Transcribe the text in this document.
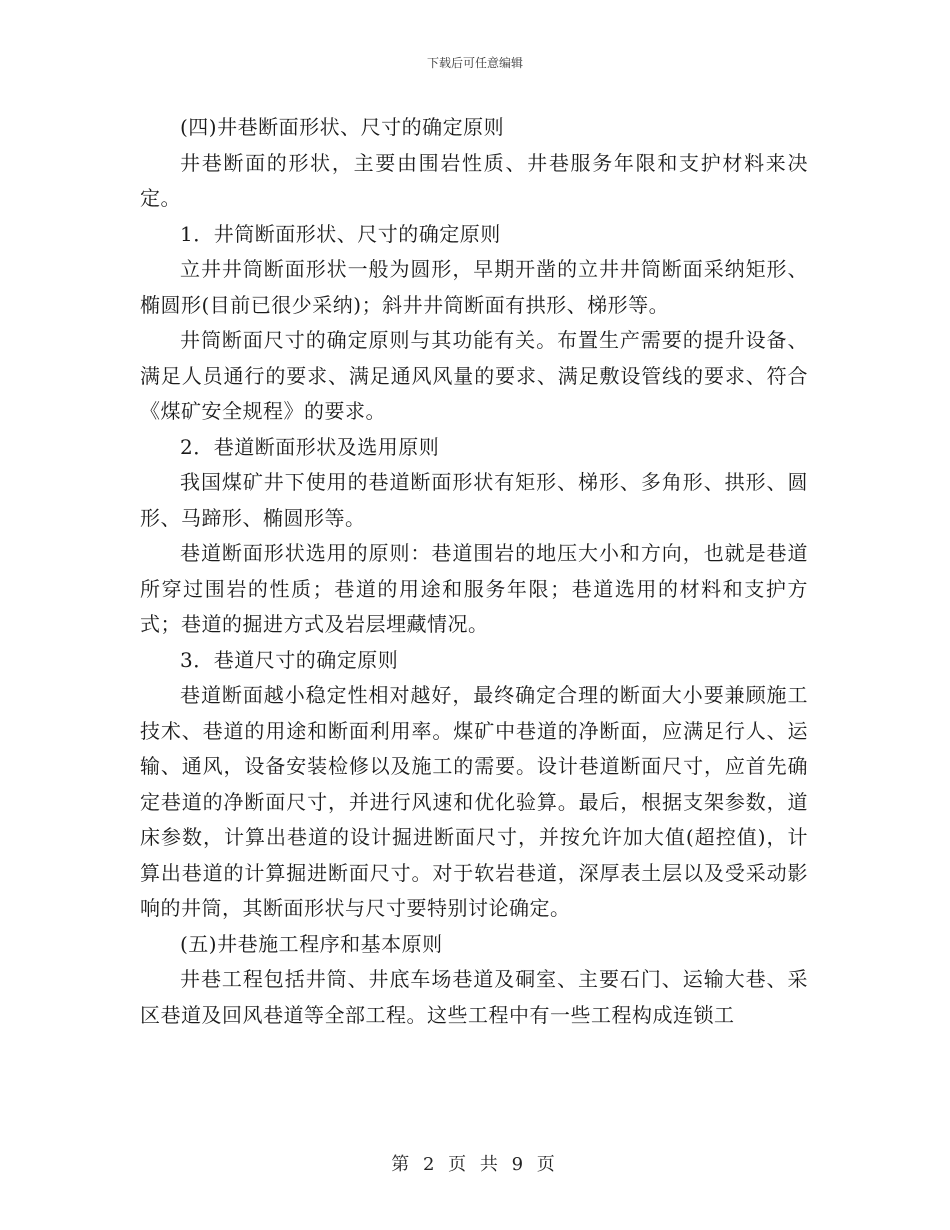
下载后可任意编辑

(四)井巷断面形状、尺寸的确定原则

井巷断面的形状，主要由围岩性质、井巷服务年限和支护材料来决定。

1．井筒断面形状、尺寸的确定原则

立井井筒断面形状一般为圆形，早期开凿的立井井筒断面采纳矩形、椭圆形(目前已很少采纳)；斜井井筒断面有拱形、梯形等。

井筒断面尺寸的确定原则与其功能有关。布置生产需要的提升设备、满足人员通行的要求、满足通风风量的要求、满足敷设管线的要求、符合《煤矿安全规程》的要求。

2．巷道断面形状及选用原则

我国煤矿井下使用的巷道断面形状有矩形、梯形、多角形、拱形、圆形、马蹄形、椭圆形等。

巷道断面形状选用的原则：巷道围岩的地压大小和方向，也就是巷道所穿过围岩的性质；巷道的用途和服务年限；巷道选用的材料和支护方式；巷道的掘进方式及岩层埋藏情况。

3．巷道尺寸的确定原则

巷道断面越小稳定性相对越好，最终确定合理的断面大小要兼顾施工技术、巷道的用途和断面利用率。煤矿中巷道的净断面，应满足行人、运输、通风，设备安装检修以及施工的需要。设计巷道断面尺寸，应首先确定巷道的净断面尺寸，并进行风速和优化验算。最后，根据支架参数，道床参数，计算出巷道的设计掘进断面尺寸，并按允许加大值(超控值)，计算出巷道的计算掘进断面尺寸。对于软岩巷道，深厚表土层以及受采动影响的井筒，其断面形状与尺寸要特别讨论确定。

(五)井巷施工程序和基本原则

井巷工程包括井筒、井底车场巷道及硐室、主要石门、运输大巷、采区巷道及回风巷道等全部工程。这些工程中有一些工程构成连锁工

第 2 页 共 9 页
